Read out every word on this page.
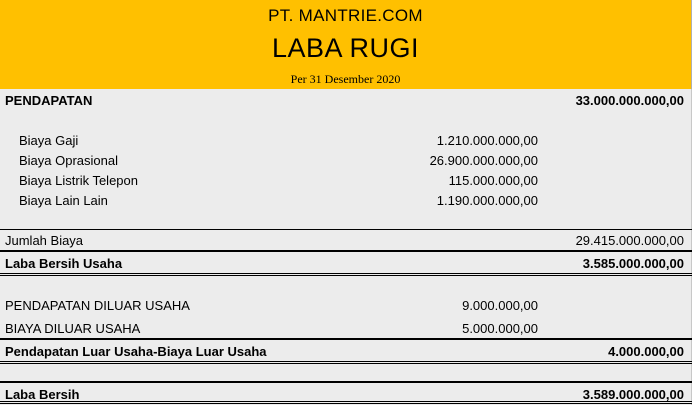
PT. MANTRIE.COM
LABA RUGI
Per 31 Desember 2020
PENDAPATAN	33.000.000.000,00
Biaya Gaji	1.210.000.000,00
Biaya Oprasional	26.900.000.000,00
Biaya Listrik Telepon	115.000.000,00
Biaya Lain Lain	1.190.000.000,00
Jumlah Biaya	29.415.000.000,00
Laba Bersih Usaha	3.585.000.000,00
PENDAPATAN DILUAR USAHA	9.000.000,00
BIAYA DILUAR USAHA	5.000.000,00
Pendapatan Luar Usaha-Biaya Luar Usaha	4.000.000,00
Laba Bersih	3.589.000.000,00
